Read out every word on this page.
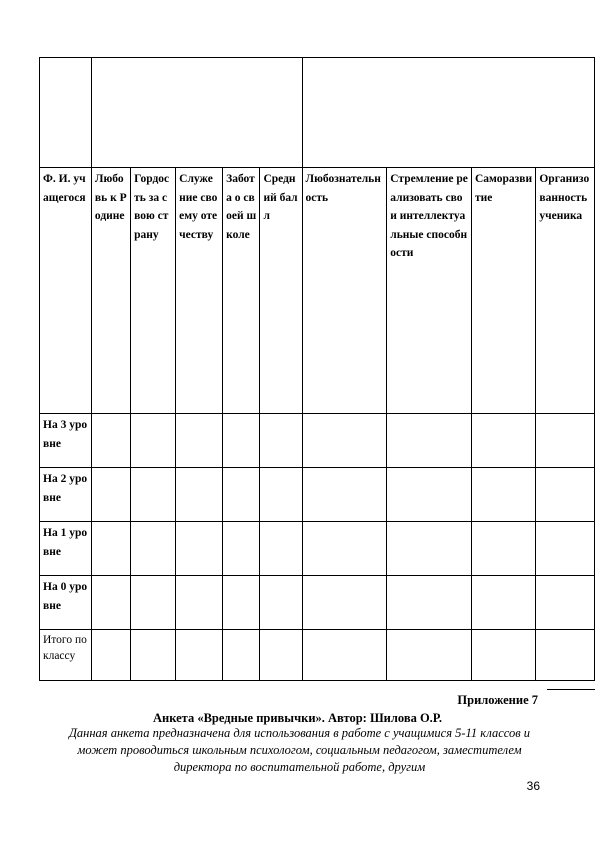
Ф. И. учащегося	Любовь к Родине	Гордость за свою страну	Служение своему отечеству	Забота о своей школе	Средний балл	Любознательность	Стремление реализовать свои интеллектуальные способности	Саморазвитие	Организованность ученика
На 3 уровне									
На 2 уровне									
На 1 уровне									
На 0 уровне									
Итого по классу									
Приложение 7
Анкета «Вредные привычки». Автор: Шилова О.Р.
Данная анкета предназначена для использования в работе с учащимися 5-11 классов и может проводиться школьным психологом, социальным педагогом, заместителем директора по воспитательной работе, другим
36
